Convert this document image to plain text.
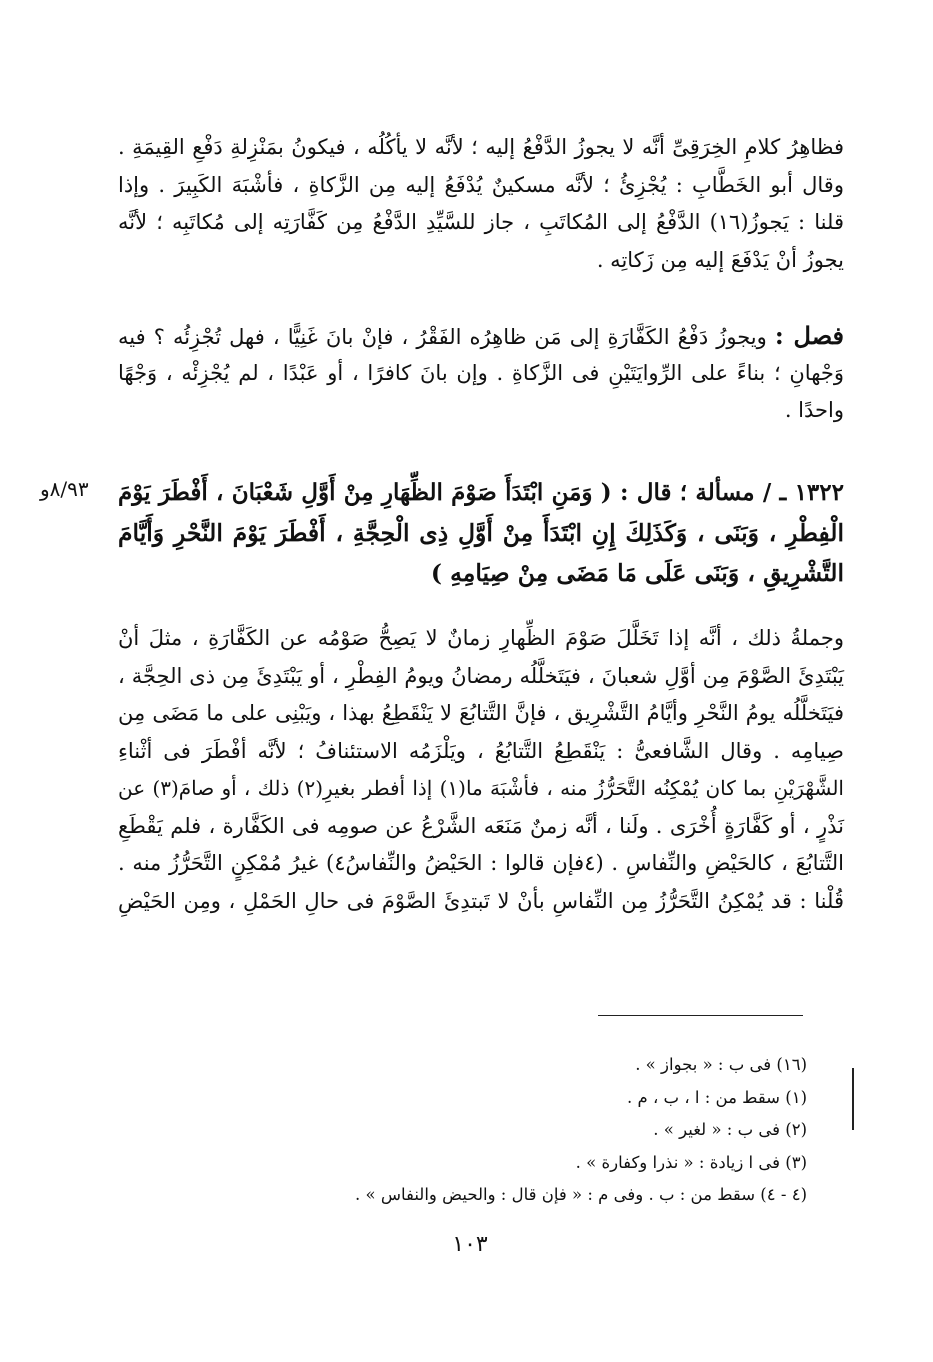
فظاهِرُ كلامِ الخِرَقِىِّ أنَّه لا يجوزُ الدَّفْعُ إليه ؛ لأنَّه لا يأكُلُه ، فيكونُ بمَنْزِلةِ دَفْعِ القِيمَةِ .
وقال أبو الخَطَّابِ : يُجْزِئُ ؛ لأنَّه مسكينٌ يُدْفَعُ إليه مِن الزَّكاةِ ، فأشْبَهَ الكَبِيرَ . وإذا
قلنا : يَجوزُ(١٦) الدَّفْعُ إلى المُكاتَبِ ، جاز للسَّيِّدِ الدَّفْعُ مِن كَفَّارَتِه إلى مُكاتَبِه ؛ لأنَّه
يجوزُ أنْ يَدْفَعَ إليه مِن زَكاتِه .
فصل : ويجوزُ دَفْعُ الكَفَّارَةِ إلى مَن ظاهِرُه الفَقْرُ ، فإنْ بانَ غَنِيًّا ، فهل تُجْزِئُه ؟ فيه
وَجْهانِ ؛ بناءً على الرِّوايَتَيْنِ فى الزَّكاةِ . وإن بانَ كافرًا ، أو عَبْدًا ، لم يُجْزِئْه ، وَجْهًا
واحدًا .
١٣٢٢ ـ / مسألة ؛ قال : ( وَمَنِ ابْتَدَأَ صَوْمَ الظِّهَارِ مِنْ أَوَّلِ شَعْبَانَ ، أَفْطَرَ يَوْمَ
الْفِطْرِ ، وَبَنَى ، وَكَذَلِكَ إِنِ ابْتَدَأَ مِنْ أَوَّلِ ذِى الْحِجَّةِ ، أَفْطَرَ يَوْمَ النَّحْرِ وَأَيَّامَ
التَّشْرِيقِ ، وَبَنَى عَلَى مَا مَضَى مِنْ صِيَامِهِ )
٨/٩٣و
وجملةُ ذلك ، أنَّه إذا تَخَلَّلَ صَوْمَ الظِّهارِ زمانٌ لا يَصِحُّ صَوْمُه عن الكَفَّارَةِ ، مثلَ أنْ
يَبْتَدِئَ الصَّوْمَ مِن أوَّلِ شعبانَ ، فيَتَخلَّلُه رمضانُ ويومُ الفِطْرِ ، أو يَبْتَدِئَ مِن ذى الحِجَّة ،
فيَتَخلَّلُه يومُ النَّحْرِ وأيَّامُ التَّشْرِيق ، فإنَّ التَّتابُعَ لا يَنْقَطِعُ بهذا ، ويَبْنِى على ما مَضَى مِن
صِيامِه . وقال الشَّافعىُّ : يَنْقَطِعُ التَّتابُعُ ، ويَلْزَمُه الاستئنافُ ؛ لأنَّه أفْطَرَ فى أثْناءِ
الشَّهْرَيْنِ بما كان يُمْكِنُه التَّحَرُّزُ منه ، فأشْبَهَ ما(١) إذا أفطر بغيرِ(٢) ذلك ، أو صامَ(٣) عن
نَذْرٍ ، أو كَفَّارَةٍ أُخْرَى . ولَنا ، أنَّه زمنٌ مَنَعَه الشَّرْعُ عن صومِه فى الكَفَّارة ، فلم يَقْطَعِ
التَّتابُعَ ، كالحَيْضِ والنِّفاسِ . (٤فإن قالوا : الحَيْضُ والنِّفاسُ٤) غيرُ مُمْكِنٍ التَّحَرُّزُ منه .
قُلْنا : قد يُمْكِنُ التَّحَرُّزُ مِن النِّفاسِ بأنْ لا تَبتدِئَ الصَّوْمَ فى حالِ الحَمْلِ ، ومِن الحَيْضِ
(١٦) فى ب : « بجواز » .
(١) سقط من : ا ، ب ، م .
(٢) فى ب : « لغير » .
(٣) فى ا زيادة : « نذرا وكفارة » .
(٤ - ٤) سقط من : ب . وفى م : « فإن قال : والحيض والنفاس » .
١٠٣
